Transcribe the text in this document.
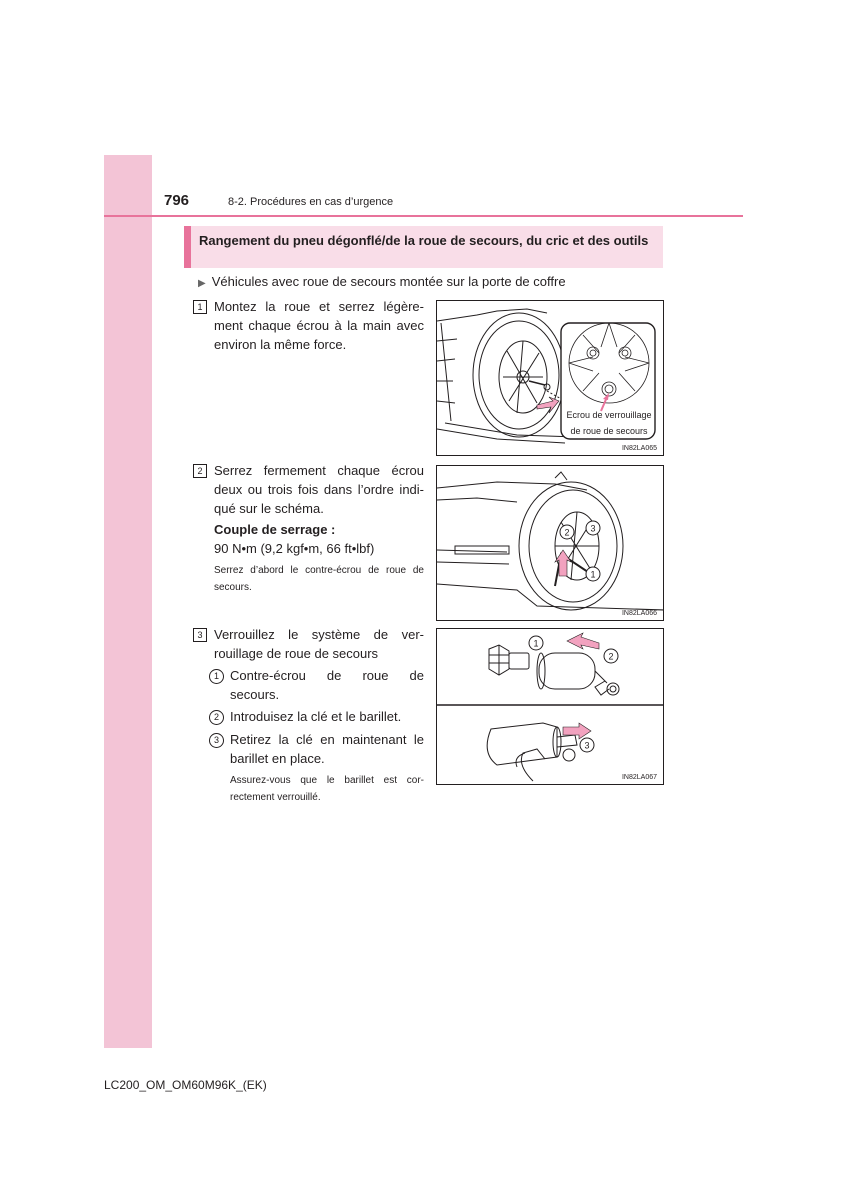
796	8-2. Procédures en cas d’urgence
Rangement du pneu dégonflé/de la roue de secours, du cric et des outils
▶ Véhicules avec roue de secours montée sur la porte de coffre
1 Montez la roue et serrez légère-ment chaque écrou à la main avec environ la même force.
Ecrou de verrouillage de roue de secours
IN82LA065
2 Serrez fermement chaque écrou deux ou trois fois dans l’ordre indi-qué sur le schéma.
Couple de serrage :
90 N•m (9,2 kgf•m, 66 ft•lbf)
Serrez d’abord le contre-écrou de roue de secours.
2 3
1
IN82LA066
3 Verrouillez le système de ver-rouillage de roue de secours
1 Contre-écrou de roue de secours.
2 Introduisez la clé et le barillet.
3 Retirez la clé en maintenant le barillet en place.
Assurez-vous que le barillet est cor-rectement verrouillé.
1
2
3
IN82LA067
LC200_OM_OM60M96K_(EK)
